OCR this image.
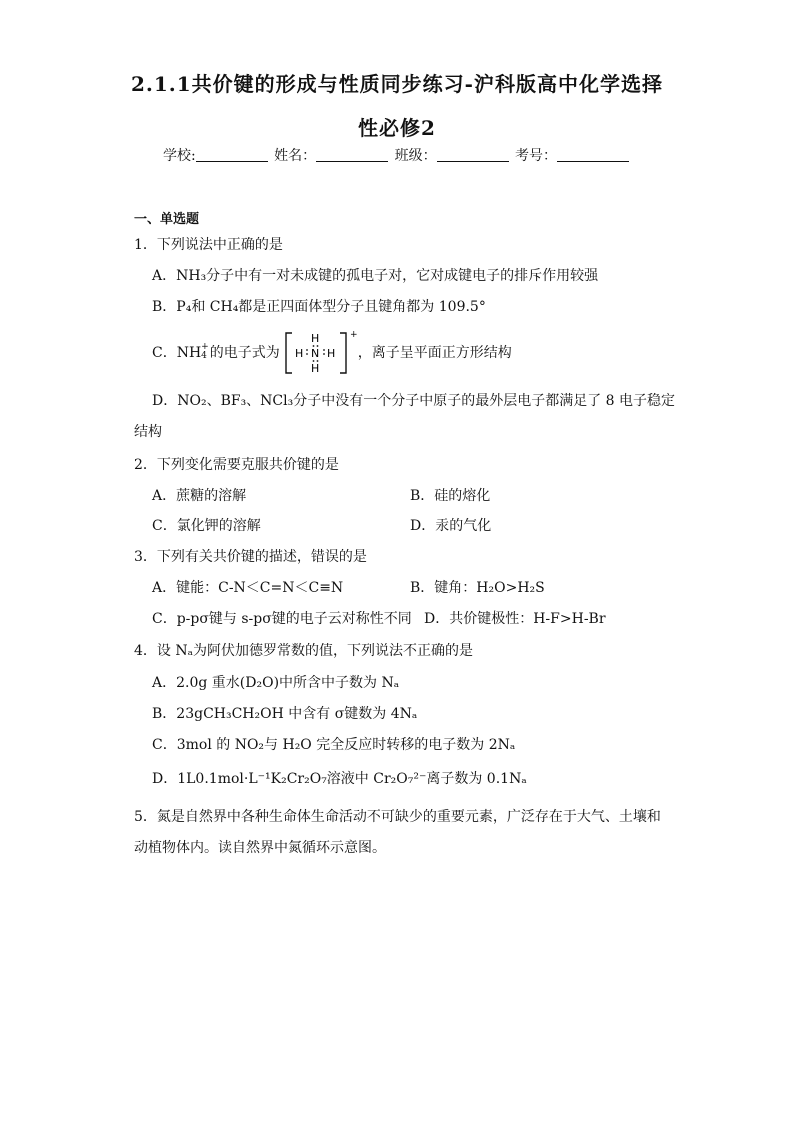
2.1.1共价键的形成与性质同步练习-沪科版高中化学选择
性必修2
学校:	姓名：	班级：	考号：
一、单选题
1．下列说法中正确的是
A．NH₃分子中有一对未成键的孤电子对，它对成键电子的排斥作用较强
B．P₄和 CH₄都是正四面体型分子且键角都为 109.5°
C．NH +
4 的电子式为
+
H
H N H
H
，离子呈平面正方形结构
D．NO₂、BF₃、NCl₃分子中没有一个分子中原子的最外层电子都满足了 8 电子稳定
结构
2．下列变化需要克服共价键的是
A．蔗糖的溶解	B．硅的熔化
C．氯化钾的溶解	D．汞的气化
3．下列有关共价键的描述，错误的是
A．键能：C-N＜C=N＜C≡N	B．键角：H₂O>H₂S
C．p-pσ键与 s-pσ键的电子云对称性不同 D．共价键极性：H-F>H-Br
4．设 Nₐ为阿伏加德罗常数的值，下列说法不正确的是
A．2.0g 重水(D₂O)中所含中子数为 Nₐ
B．23gCH₃CH₂OH 中含有 σ键数为 4Nₐ
C．3mol 的 NO₂与 H₂O 完全反应时转移的电子数为 2Nₐ
D．1L0.1mol·L⁻¹K₂Cr₂O₇溶液中 Cr₂O₇²⁻离子数为 0.1Nₐ
5．氮是自然界中各种生命体生命活动不可缺少的重要元素，广泛存在于大气、土壤和
动植物体内。读自然界中氮循环示意图。
